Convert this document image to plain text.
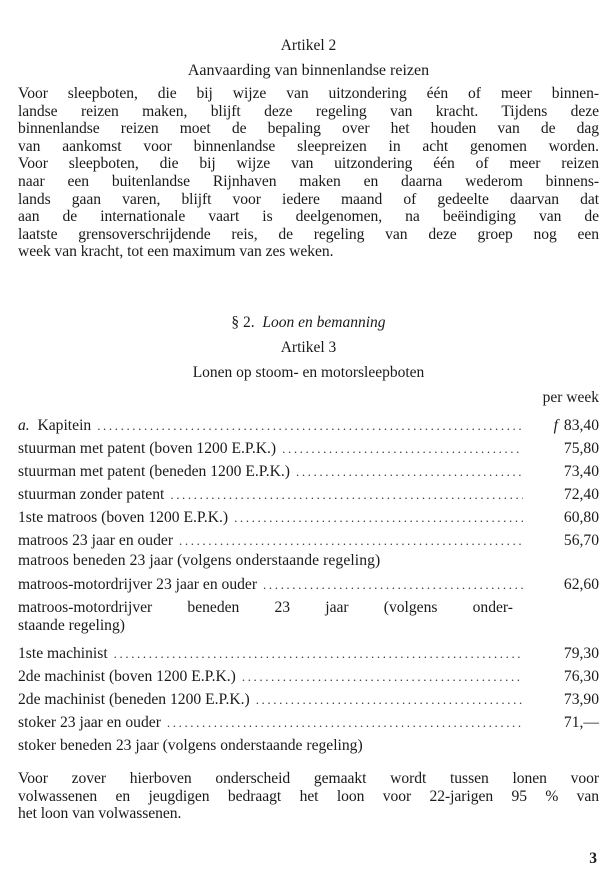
Artikel 2
Aanvaarding van binnenlandse reizen
Voor sleepboten, die bij wijze van uitzondering één of meer binnen-
landse reizen maken, blijft deze regeling van kracht. Tijdens deze
binnenlandse reizen moet de bepaling over het houden van de dag
van aankomst voor binnenlandse sleepreizen in acht genomen worden.
Voor sleepboten, die bij wijze van uitzondering één of meer reizen
naar een buitenlandse Rijnhaven maken en daarna wederom binnens-
lands gaan varen, blijft voor iedere maand of gedeelte daarvan dat
aan de internationale vaart is deelgenomen, na beëindiging van de
laatste grensoverschrijdende reis, de regeling van deze groep nog een
week van kracht, tot een maximum van zes weken.
§ 2. Loon en bemanning
Artikel 3
Lonen op stoom- en motorsleepboten
per week
a. Kapitein .....	f 83,40
stuurman met patent (boven 1200 E.P.K.) .....	75,80
stuurman met patent (beneden 1200 E.P.K.) .....	73,40
stuurman zonder patent .....	72,40
1ste matroos (boven 1200 E.P.K.) .....	60,80
matroos 23 jaar en ouder .....	56,70
matroos beneden 23 jaar (volgens onderstaande regeling)
matroos-motordrijver 23 jaar en ouder .....	62,60
matroos-motordrijver beneden 23 jaar (volgens onder-
staande regeling)
1ste machinist .....	79,30
2de machinist (boven 1200 E.P.K.) .....	76,30
2de machinist (beneden 1200 E.P.K.) .....	73,90
stoker 23 jaar en ouder .....	71,—
stoker beneden 23 jaar (volgens onderstaande regeling)
Voor zover hierboven onderscheid gemaakt wordt tussen lonen voor
volwassenen en jeugdigen bedraagt het loon voor 22-jarigen 95 % van
het loon van volwassenen.
3
